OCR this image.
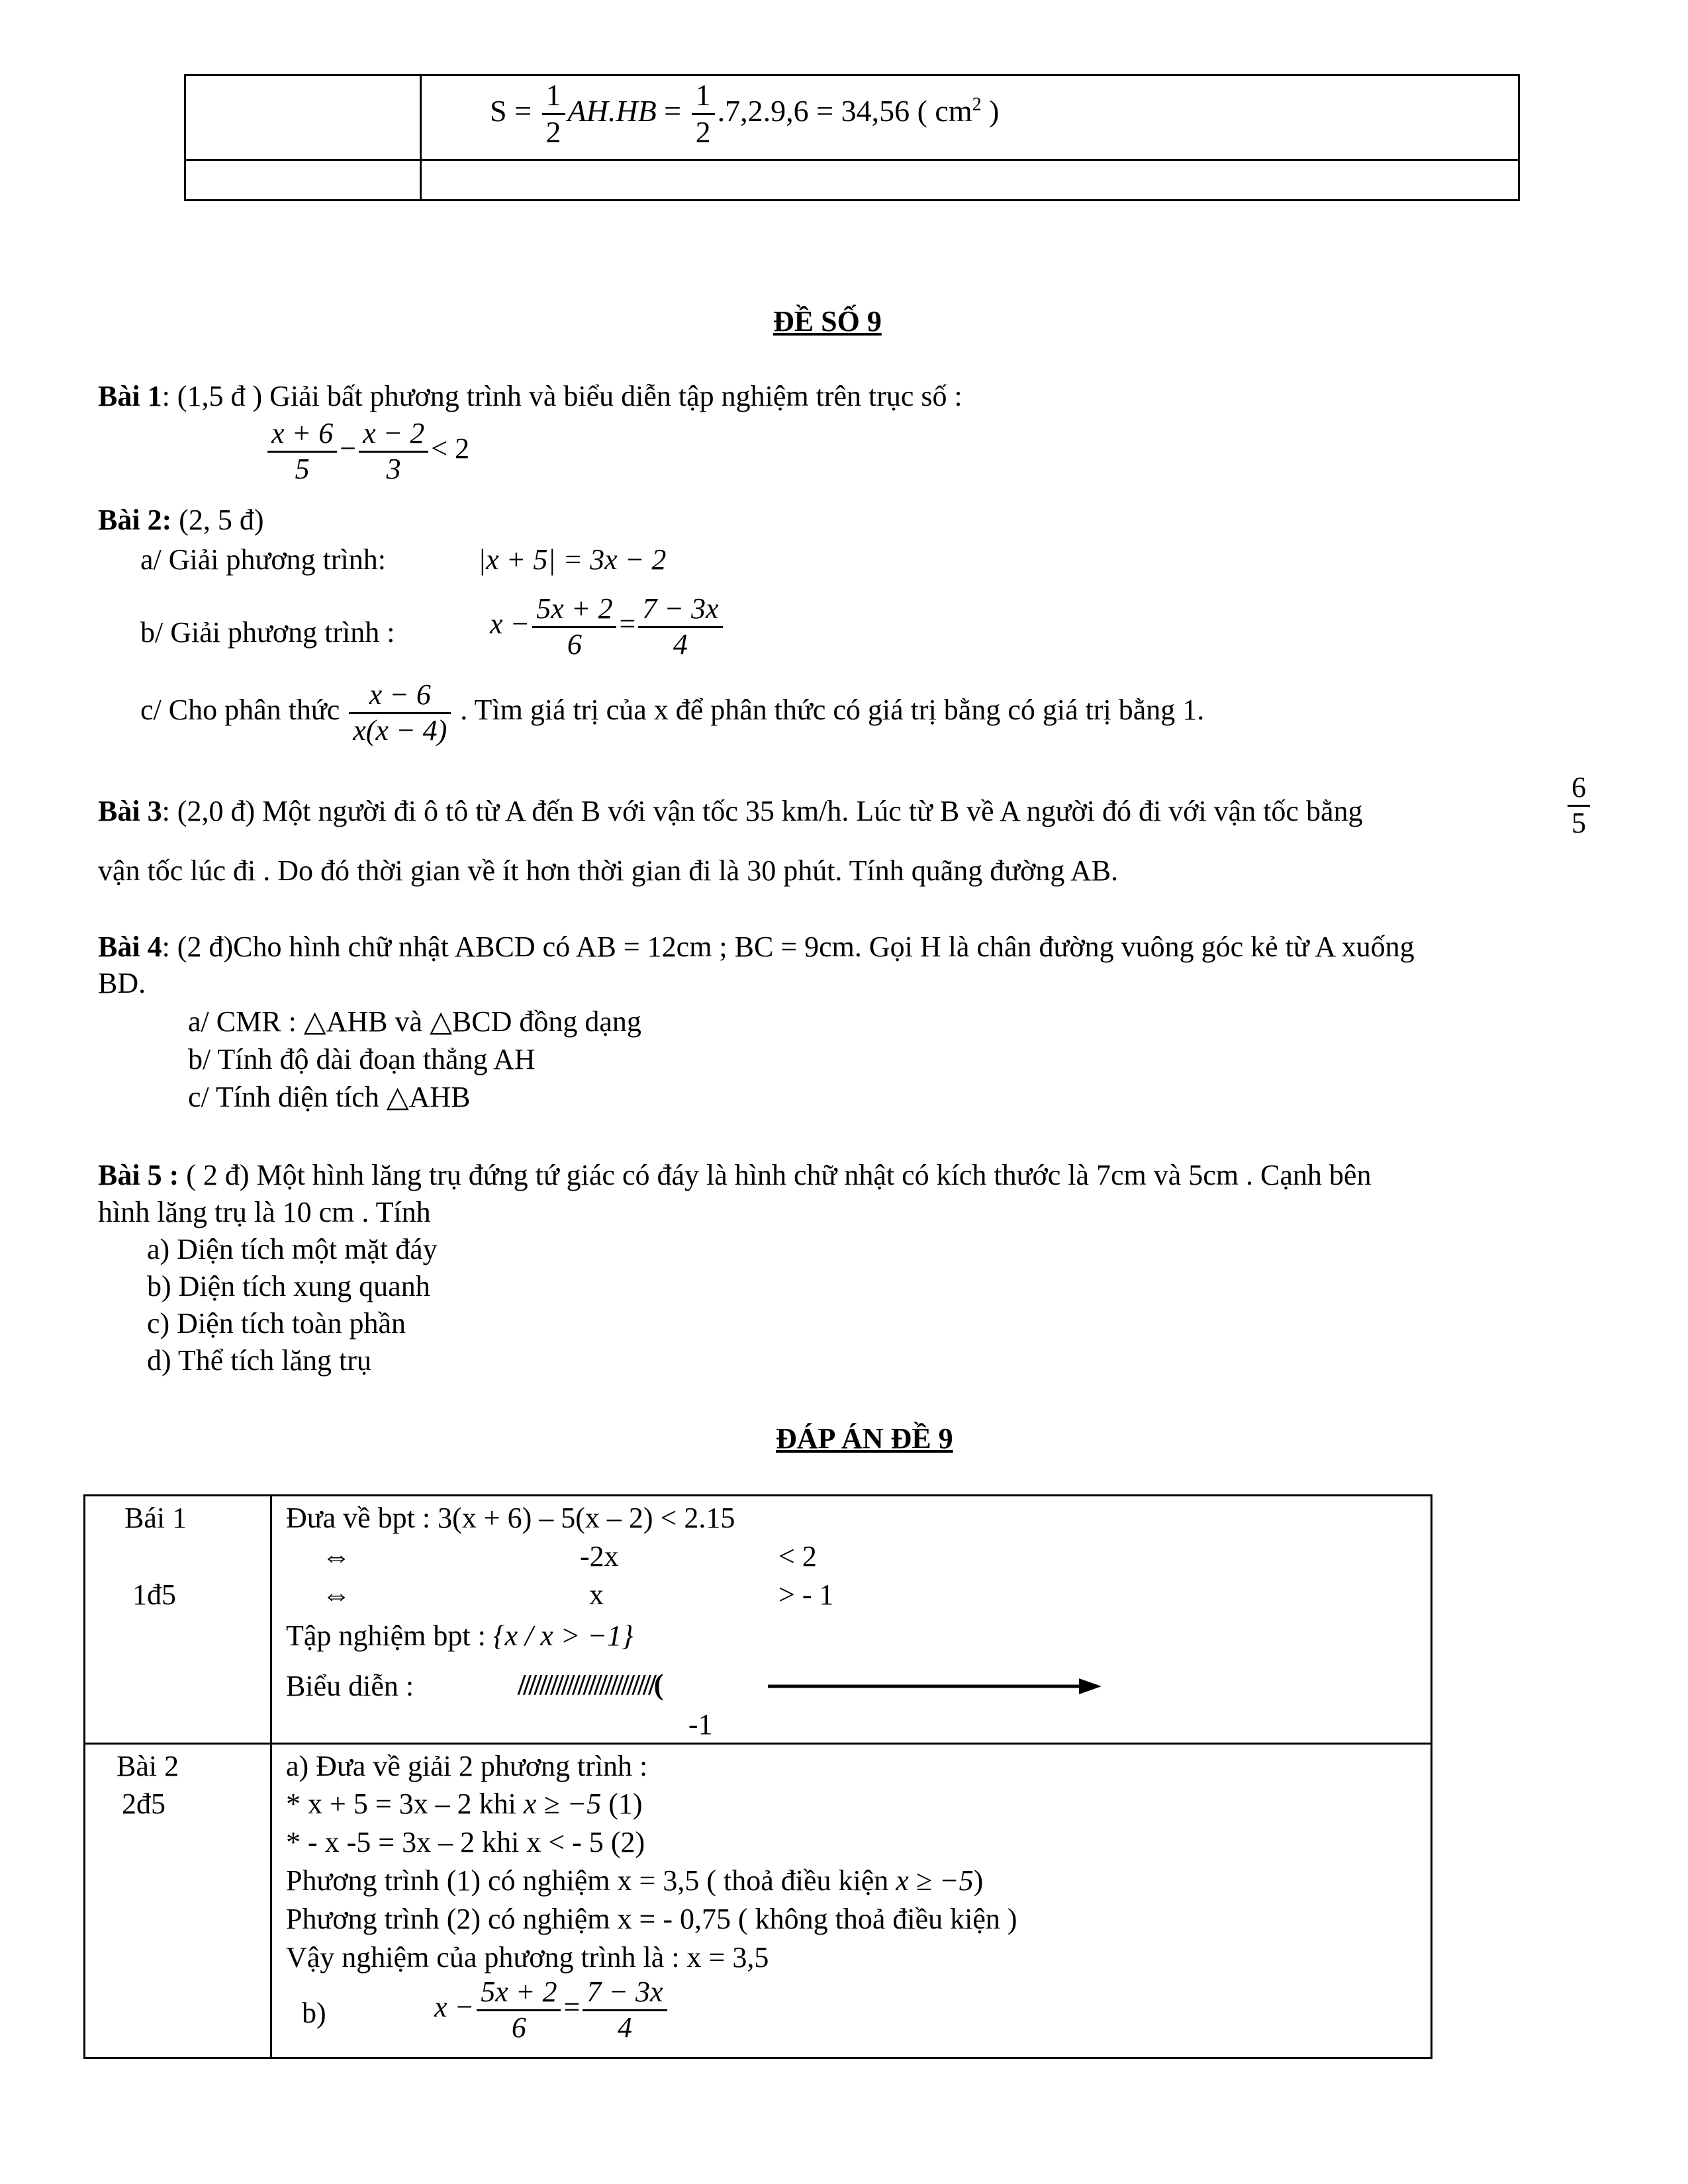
$S = \frac{1}{2} AH.HB = \frac{1}{2} .7,2.9,6 = 34,56$ ( $cm^2$ )
ĐỀ SỐ 9
Bài 1: (1,5 đ ) Giải bất phương trình và biểu diễn tập nghiệm trên trục số :
$\frac{x + 6}{5} - \frac{x - 2}{3} < 2$
Bài 2: (2, 5 đ)
a/ Giải phương trình:	|x + 5| = 3x − 2
b/ Giải phương trình :	$x - \frac{5x + 2}{6} = \frac{7 - 3x}{4}$
c/ Cho phân thức $\frac{x - 6}{x(x - 4)}$ . Tìm giá trị của x để phân thức có giá trị bằng có giá trị bằng 1.
Bài 3: (2,0 đ) Một người đi ô tô từ A đến B với vận tốc 35 km/h. Lúc từ B về A người đó đi với vận tốc bằng	$\frac{6}{5}$
vận tốc lúc đi . Do đó thời gian về ít hơn thời gian đi là 30 phút. Tính quãng đường AB.
Bài 4: (2 đ)Cho hình chữ nhật ABCD có AB = 12cm ; BC = 9cm. Gọi H là chân đường vuông góc kẻ từ A xuống
BD.
a/ CMR : △AHB và △BCD đồng dạng
b/ Tính độ dài đoạn thẳng AH
c/ Tính diện tích △AHB
Bài 5 : ( 2 đ) Một hình lăng trụ đứng tứ giác có đáy là hình chữ nhật có kích thước là 7cm và 5cm . Cạnh bên
hình lăng trụ là 10 cm . Tính
a) Diện tích một mặt đáy
b) Diện tích xung quanh
c) Diện tích toàn phần
d) Thể tích lăng trụ
ĐÁP ÁN ĐỀ 9
Bái 1
1đ5
Đưa về bpt : 3(x + 6) – 5(x – 2) < 2.15
⇔	-2x	< 2
⇔	x	> - 1
Tập nghiệm bpt : {x / x > −1}
Biểu diễn :	/////////////////////////(
-1
Bài 2
2đ5
a) Đưa về giải 2 phương trình :
* x + 5 = 3x – 2 khi x ≥ −5 (1)
* - x -5 = 3x – 2 khi x < - 5 (2)
Phương trình (1) có nghiệm x = 3,5 ( thoả điều kiện x ≥ −5)
Phương trình (2) có nghiệm x = - 0,75 ( không thoả điều kiện )
Vậy nghiệm của phương trình là : x = 3,5
b)	$x - \frac{5x + 2}{6} = \frac{7 - 3x}{4}$
